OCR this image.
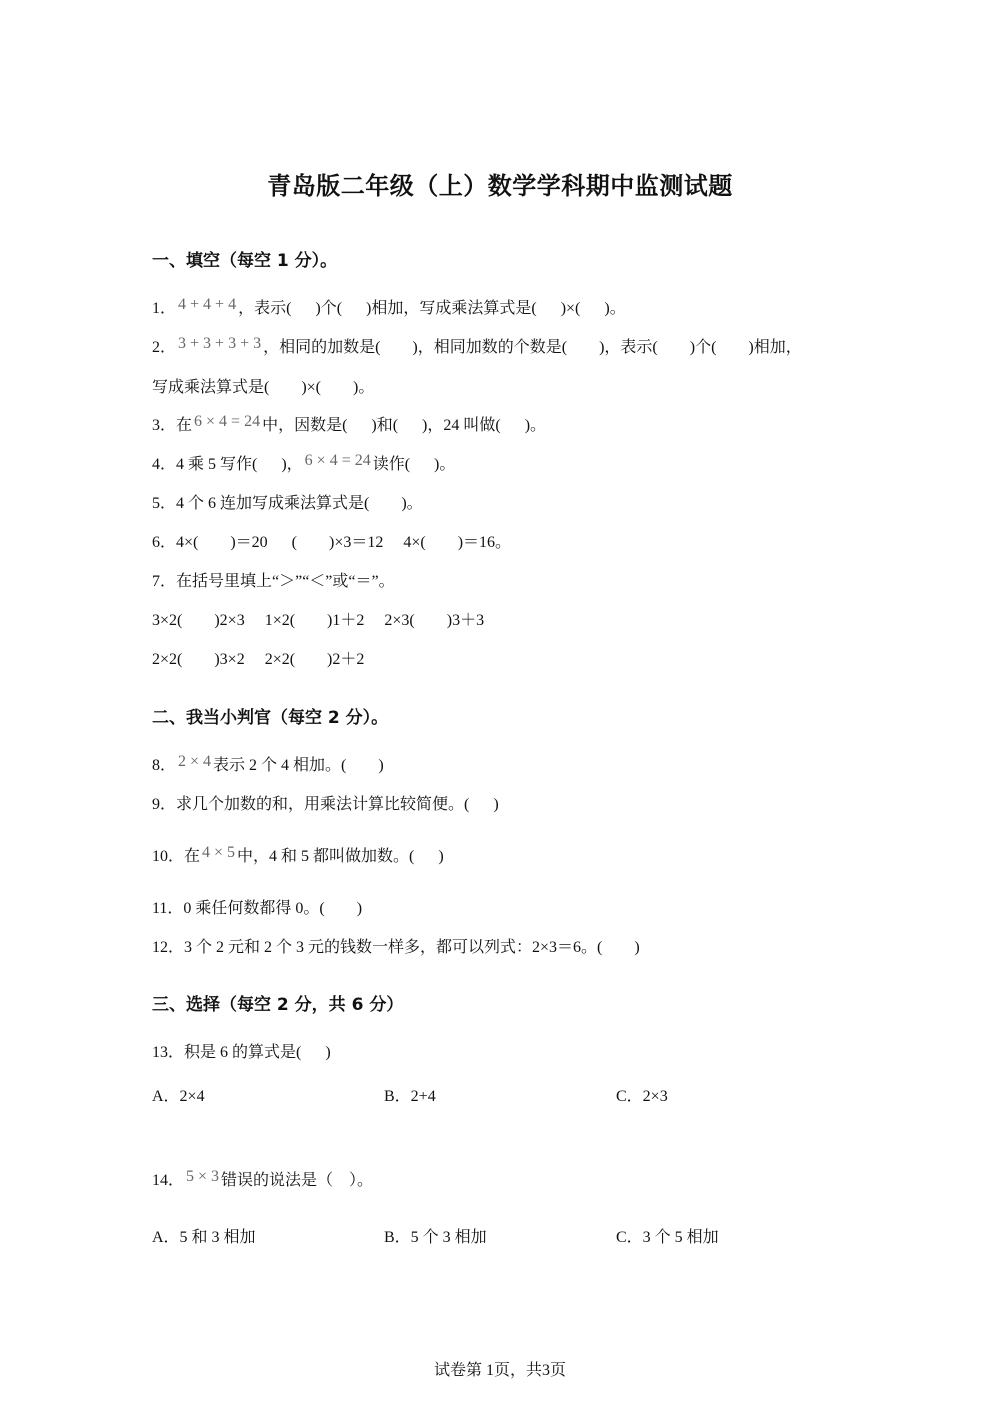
青岛版二年级（上）数学学科期中监测试题
一、填空（每空 1 分）。
1． 4 + 4 + 4 ，表示(      )个(      )相加，写成乘法算式是(      )×(      )。
2． 3 + 3 + 3 + 3 ，相同的加数是(        )，相同加数的个数是(        )，表示(        )个(        )相加，
写成乘法算式是(        )×(        )。
3．在 6 × 4 = 24 中，因数是(      )和(      )，24 叫做(      )。
4．4 乘 5 写作(      )， 6 × 4 = 24 读作(      )。
5．4 个 6 连加写成乘法算式是(        )。
6．4×(        )＝20      (        )×3＝12     4×(        )＝16。
7．在括号里填上“＞”“＜”或“＝”。
3×2(        )2×3     1×2(        )1＋2     2×3(        )3＋3
2×2(        )3×2     2×2(        )2＋2
二、我当小判官（每空 2 分）。
8． 2 × 4 表示 2 个 4 相加。(        )
9．求几个加数的和，用乘法计算比较简便。(      )
10．在 4 × 5 中，4 和 5 都叫做加数。(      )
11．0 乘任何数都得 0。(        )
12．3 个 2 元和 2 个 3 元的钱数一样多，都可以列式：2×3＝6。(        )
三、选择（每空 2 分，共 6 分）
13．积是 6 的算式是(      )
A．2×4	B．2+4	C．2×3
14． 5 × 3 错误的说法是（    ）。
A．5 和 3 相加	B．5 个 3 相加	C．3 个 5 相加
试卷第 1页，共3页
